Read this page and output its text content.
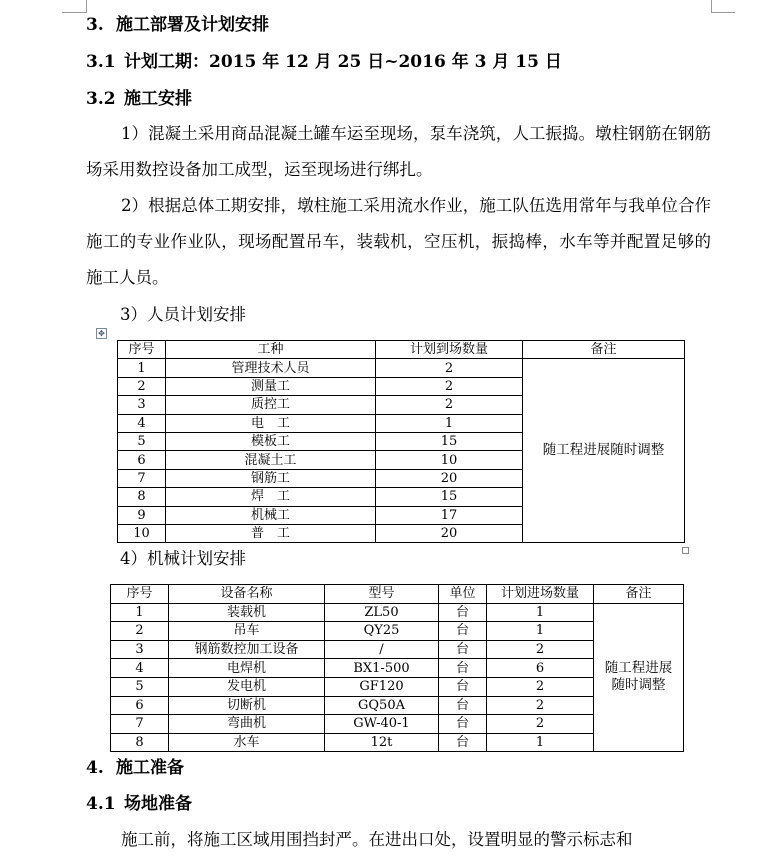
3. 施工部署及计划安排
3.1 计划工期：2015 年 12 月 25 日~2016 年 3 月 15 日
3.2 施工安排
1）混凝土采用商品混凝土罐车运至现场，泵车浇筑，人工振捣。墩柱钢筋在钢筋场采用数控设备加工成型，运至现场进行绑扎。
2）根据总体工期安排，墩柱施工采用流水作业，施工队伍选用常年与我单位合作施工的专业作业队，现场配置吊车，装载机，空压机，振捣棒，水车等并配置足够的施工人员。
3）人员计划安排
✥
序号	工种	计划到场数量	备注
1	管理技术人员	2	随工程进展随时调整
2	测量工	2	
3	质控工	2	
4	电　工	1	
5	模板工	15	
6	混凝土工	10	
7	钢筋工	20	
8	焊　工	15	
9	机械工	17	
10	普　工	20	
4）机械计划安排
序号	设备名称	型号	单位	计划进场数量	备注
1	装载机	ZL50	台	1	随工程进展
随时调整
2	吊车	QY25	台	1	
3	钢筋数控加工设备	/	台	2	
4	电焊机	BX1-500	台	6	
5	发电机	GF120	台	2	
6	切断机	GQ50A	台	2	
7	弯曲机	GW-40-1	台	2	
8	水车	12t	台	1	
4. 施工准备
4.1 场地准备
施工前，将施工区域用围挡封严。在进出口处，设置明显的警示标志和
